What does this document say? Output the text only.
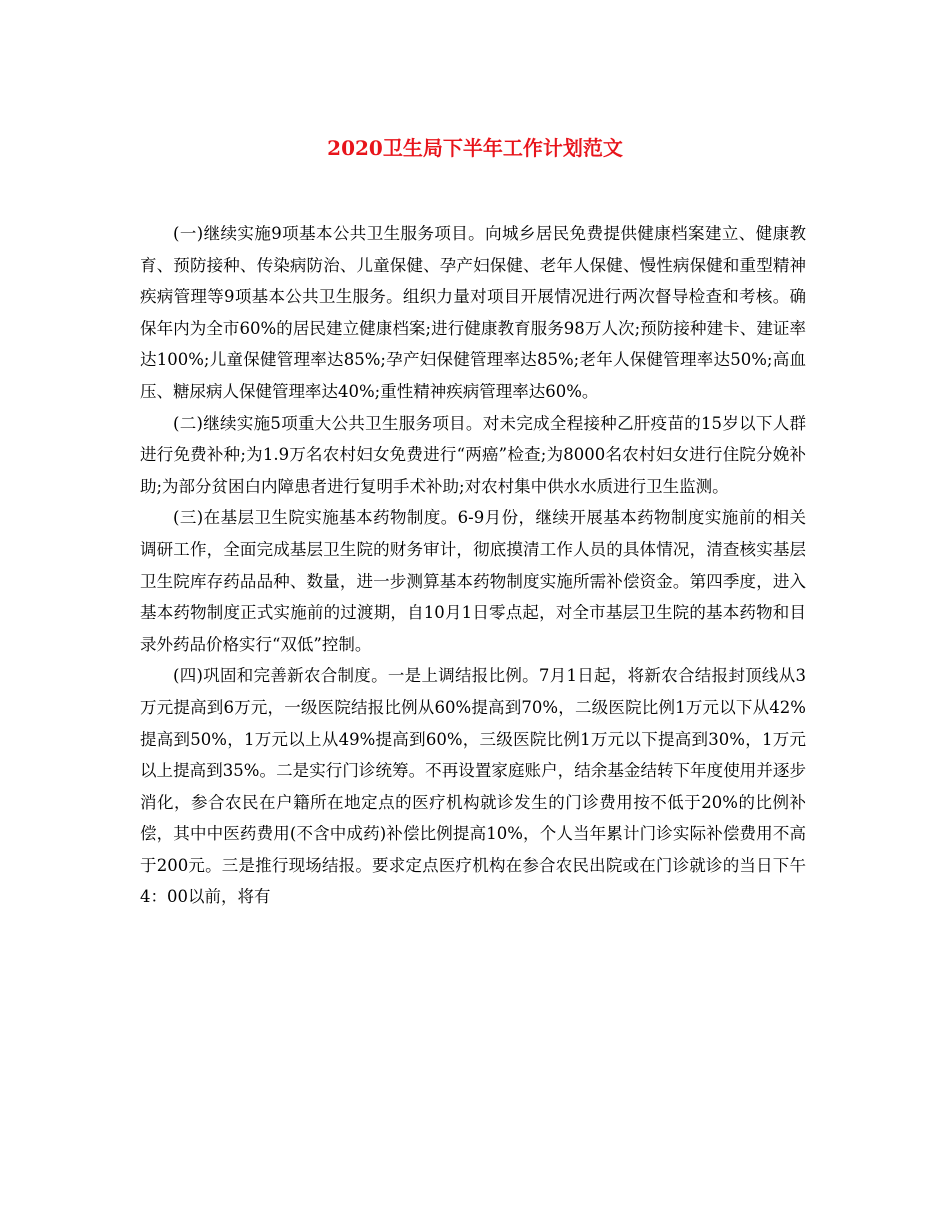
2020卫生局下半年工作计划范文

(一)继续实施9项基本公共卫生服务项目。向城乡居民免费提供健康档案建立、健康教育、预防接种、传染病防治、儿童保健、孕产妇保健、老年人保健、慢性病保健和重型精神疾病管理等9项基本公共卫生服务。组织力量对项目开展情况进行两次督导检查和考核。确保年内为全市60%的居民建立健康档案;进行健康教育服务98万人次;预防接种建卡、建证率达100%;儿童保健管理率达85%;孕产妇保健管理率达85%;老年人保健管理率达50%;高血压、糖尿病人保健管理率达40%;重性精神疾病管理率达60%。

(二)继续实施5项重大公共卫生服务项目。对未完成全程接种乙肝疫苗的15岁以下人群进行免费补种;为1.9万名农村妇女免费进行“两癌”检查;为8000名农村妇女进行住院分娩补助;为部分贫困白内障患者进行复明手术补助;对农村集中供水水质进行卫生监测。

(三)在基层卫生院实施基本药物制度。6-9月份，继续开展基本药物制度实施前的相关调研工作，全面完成基层卫生院的财务审计，彻底摸清工作人员的具体情况，清查核实基层卫生院库存药品品种、数量，进一步测算基本药物制度实施所需补偿资金。第四季度，进入基本药物制度正式实施前的过渡期，自10月1日零点起，对全市基层卫生院的基本药物和目录外药品价格实行“双低”控制。

(四)巩固和完善新农合制度。一是上调结报比例。7月1日起，将新农合结报封顶线从3万元提高到6万元，一级医院结报比例从60%提高到70%，二级医院比例1万元以下从42%提高到50%，1万元以上从49%提高到60%，三级医院比例1万元以下提高到30%，1万元以上提高到35%。二是实行门诊统筹。不再设置家庭账户，结余基金结转下年度使用并逐步消化，参合农民在户籍所在地定点的医疗机构就诊发生的门诊费用按不低于20%的比例补偿，其中中医药费用(不含中成药)补偿比例提高10%，个人当年累计门诊实际补偿费用不高于200元。三是推行现场结报。要求定点医疗机构在参合农民出院或在门诊就诊的当日下午4：00以前，将有
